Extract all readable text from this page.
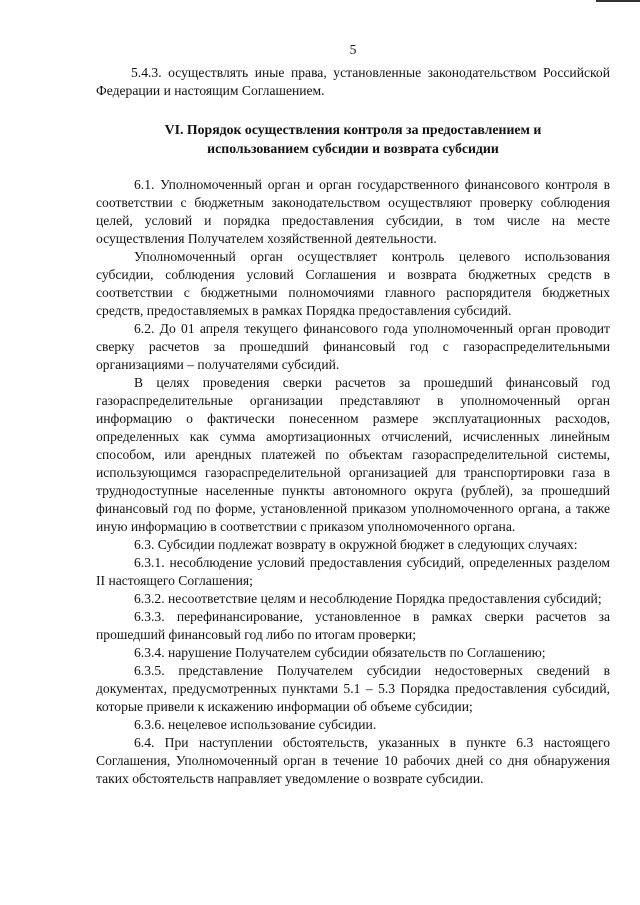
5

5.4.3. осуществлять иные права, установленные законодательством Российской Федерации и настоящим Соглашением.

VI. Порядок осуществления контроля за предоставлением и использованием субсидии и возврата субсидии

6.1. Уполномоченный орган и орган государственного финансового контроля в соответствии с бюджетным законодательством осуществляют проверку соблюдения целей, условий и порядка предоставления субсидии, в том числе на месте осуществления Получателем хозяйственной деятельности.

Уполномоченный орган осуществляет контроль целевого использования субсидии, соблюдения условий Соглашения и возврата бюджетных средств в соответствии с бюджетными полномочиями главного распорядителя бюджетных средств, предоставляемых в рамках Порядка предоставления субсидий.

6.2. До 01 апреля текущего финансового года уполномоченный орган проводит сверку расчетов за прошедший финансовый год с газораспределительными организациями – получателями субсидий.

В целях проведения сверки расчетов за прошедший финансовый год газораспределительные организации представляют в уполномоченный орган информацию о фактически понесенном размере эксплуатационных расходов, определенных как сумма амортизационных отчислений, исчисленных линейным способом, или арендных платежей по объектам газораспределительной системы, использующимся газораспределительной организацией для транспортировки газа в труднодоступные населенные пункты автономного округа (рублей), за прошедший финансовый год по форме, установленной приказом уполномоченного органа, а также иную информацию в соответствии с приказом уполномоченного органа.

6.3. Субсидии подлежат возврату в окружной бюджет в следующих случаях:

6.3.1. несоблюдение условий предоставления субсидий, определенных разделом II настоящего Соглашения;

6.3.2. несоответствие целям и несоблюдение Порядка предоставления субсидий;

6.3.3. перефинансирование, установленное в рамках сверки расчетов за прошедший финансовый год либо по итогам проверки;

6.3.4. нарушение Получателем субсидии обязательств по Соглашению;

6.3.5. представление Получателем субсидии недостоверных сведений в документах, предусмотренных пунктами 5.1 – 5.3 Порядка предоставления субсидий, которые привели к искажению информации об объеме субсидии;

6.3.6. нецелевое использование субсидии.

6.4. При наступлении обстоятельств, указанных в пункте 6.3 настоящего Соглашения, Уполномоченный орган в течение 10 рабочих дней со дня обнаружения таких обстоятельств направляет уведомление о возврате субсидии.
